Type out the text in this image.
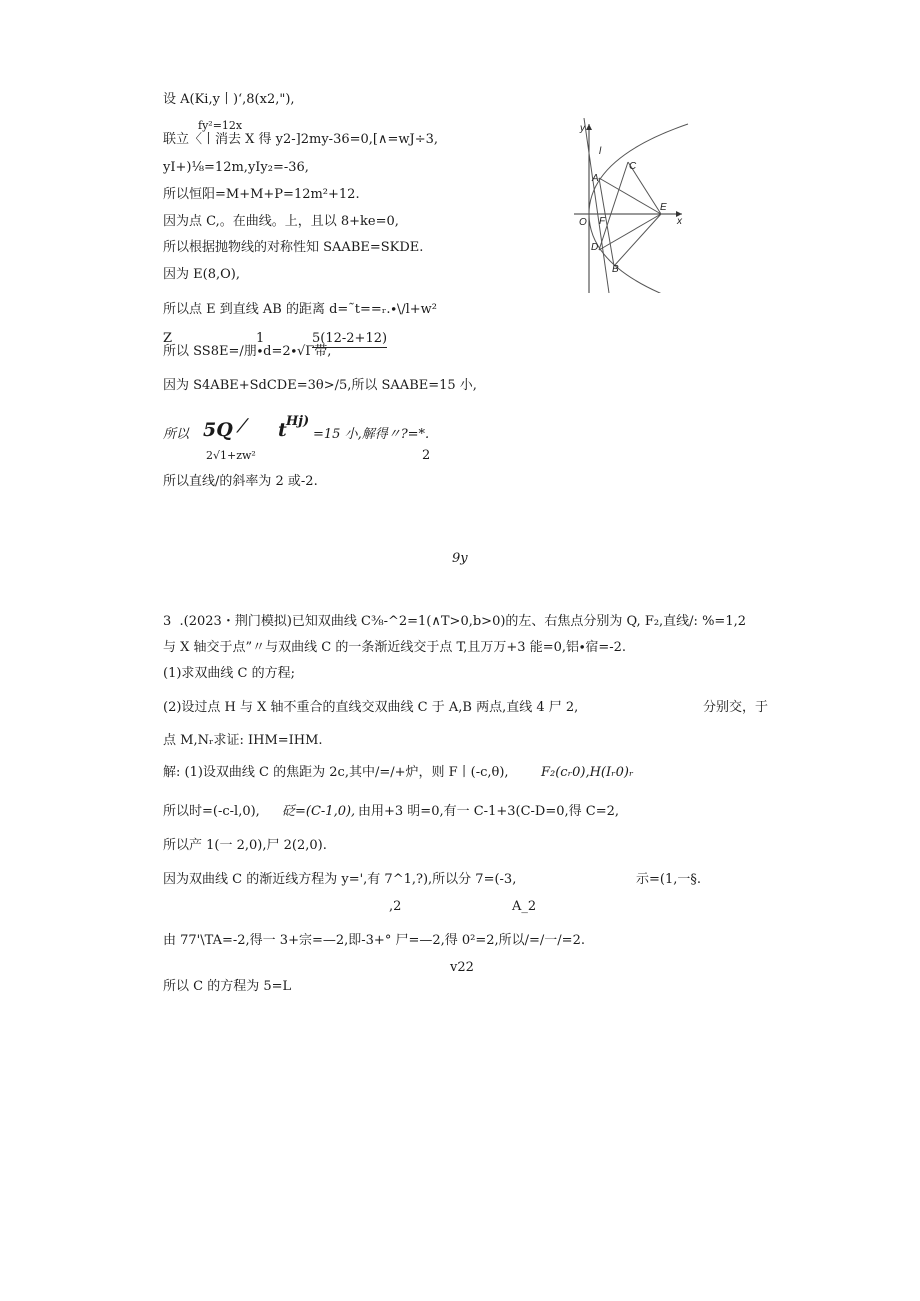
设 A(Ki,y丨)ʻ,8(x2,"),
fy²=12x
联立〈丨消去 X 得 y2-]2my-36=0,[∧=wJ÷3,
yI+)⅛=12m,yIy₂=-36,
所以恒阳=M+M+P=12m²+12.
因为点 C,。在曲线。上，且以 8+ke=0,
所以根据抛物线的对称性知 SAABE=SKDE.
因为 E(8,O),
所以点 E 到直线 AB 的距离 d=˜t==ᵣ.∙\/l+w²
Z	1	5(12-2+12)
所以 SS8E=/朋∙d=2∙√Γ带,
因为 S4ABE+SdCDE=3θ>/5,所以 SAABE=15 小,
所以 5Q ⁄ t Hj)
=15 小,解得〃?=*.
2√1+zw²	2
所以直线/的斜率为 2 或-2.
y
x
l
C
A
O F
E
D
B
9y
3  .(2023・荆门模拟)已知双曲线 C⅜-^2=1(∧T>0,b>0)的左、右焦点分别为 Q, F₂,直线/: %=1,2
与 X 轴交于点”〃与双曲线 C 的一条渐近线交于点 T,且万万+3 能=0,铝∙宿=-2.
(1)求双曲线 C 的方程;
(2)设过点 H 与 X 轴不重合的直线交双曲线 C 于 A,B 两点,直线 4 尸 2,	分别交，于
点 M,Nᵣ求证: IHM=IHM.
解: (1)设双曲线 C 的焦距为 2c,其中/=/+炉，则 F丨(-c,θ), F₂(cᵣ0),H(Iᵣ0)ᵣ
所以时=(-c-l,0), 砭=(C-1,0), 由用+3 明=0,有一 C-1+3(C-D=0,得 C=2,
所以产 1(一 2,0),尸 2(2,0).
因为双曲线 C 的渐近线方程为 y=',有 7^1,?),所以分 7=(-3,	示=(1,一§.
,2	A_2
由 77'\TA=-2,得一 3+宗=—2,即-3+° 尸=—2,得 0²=2,所以/=/一/=2.
v22
所以 C 的方程为 5=L
